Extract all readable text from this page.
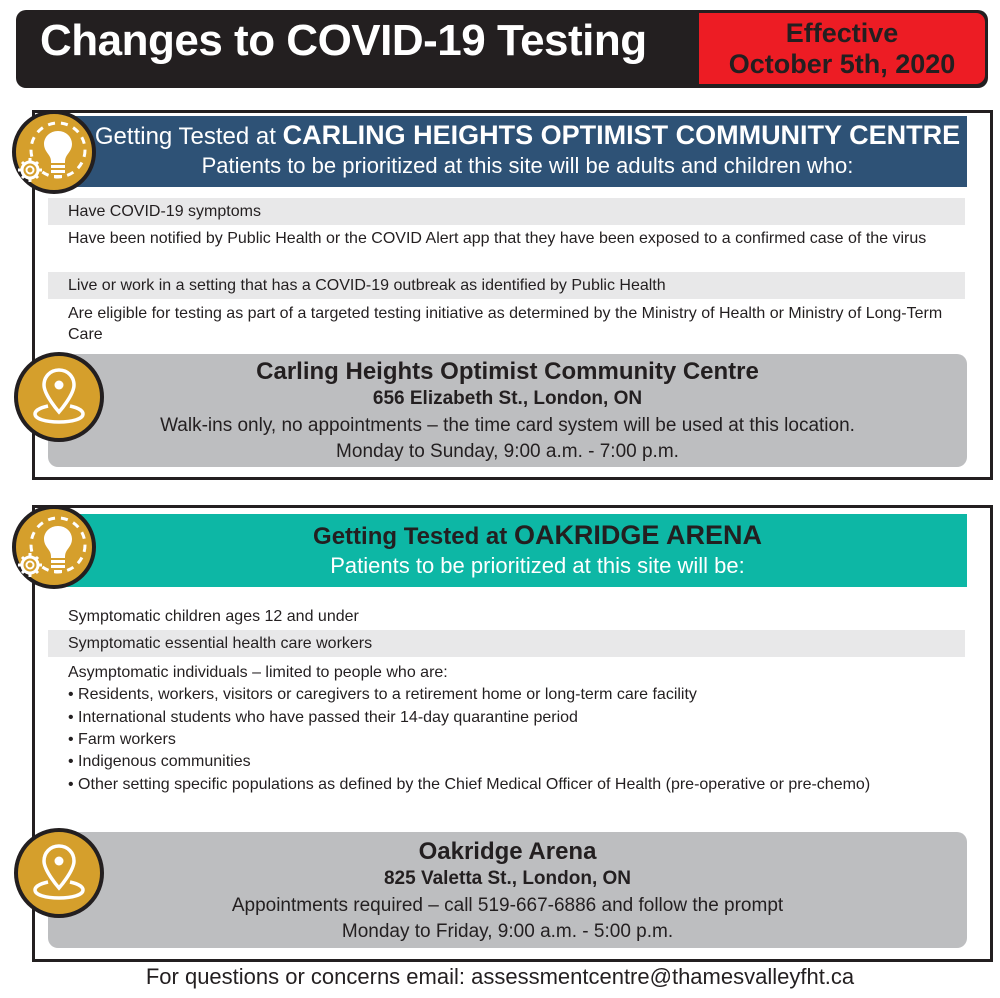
Changes to COVID-19 Testing	Effective
October 5th, 2020
Getting Tested at CARLING HEIGHTS OPTIMIST COMMUNITY CENTRE
Patients to be prioritized at this site will be adults and children who:
Have COVID-19 symptoms
Have been notified by Public Health or the COVID Alert app that they have been exposed to a confirmed case of the virus
Live or work in a setting that has a COVID-19 outbreak as identified by Public Health
Are eligible for testing as part of a targeted testing initiative as determined by the Ministry of Health or Ministry of Long-Term Care
Carling Heights Optimist Community Centre
656 Elizabeth St., London, ON
Walk-ins only, no appointments – the time card system will be used at this location.
Monday to Sunday, 9:00 a.m. - 7:00 p.m.
Getting Tested at OAKRIDGE ARENA
Patients to be prioritized at this site will be:
Symptomatic children ages 12 and under
Symptomatic essential health care workers
Asymptomatic individuals – limited to people who are:
• Residents, workers, visitors or caregivers to a retirement home or long-term care facility
• International students who have passed their 14-day quarantine period
• Farm workers
• Indigenous communities
• Other setting specific populations as defined by the Chief Medical Officer of Health (pre-operative or pre-chemo)
Oakridge Arena
825 Valetta St., London, ON
Appointments required – call 519-667-6886 and follow the prompt
Monday to Friday, 9:00 a.m. - 5:00 p.m.
For questions or concerns email: assessmentcentre@thamesvalleyfht.ca
